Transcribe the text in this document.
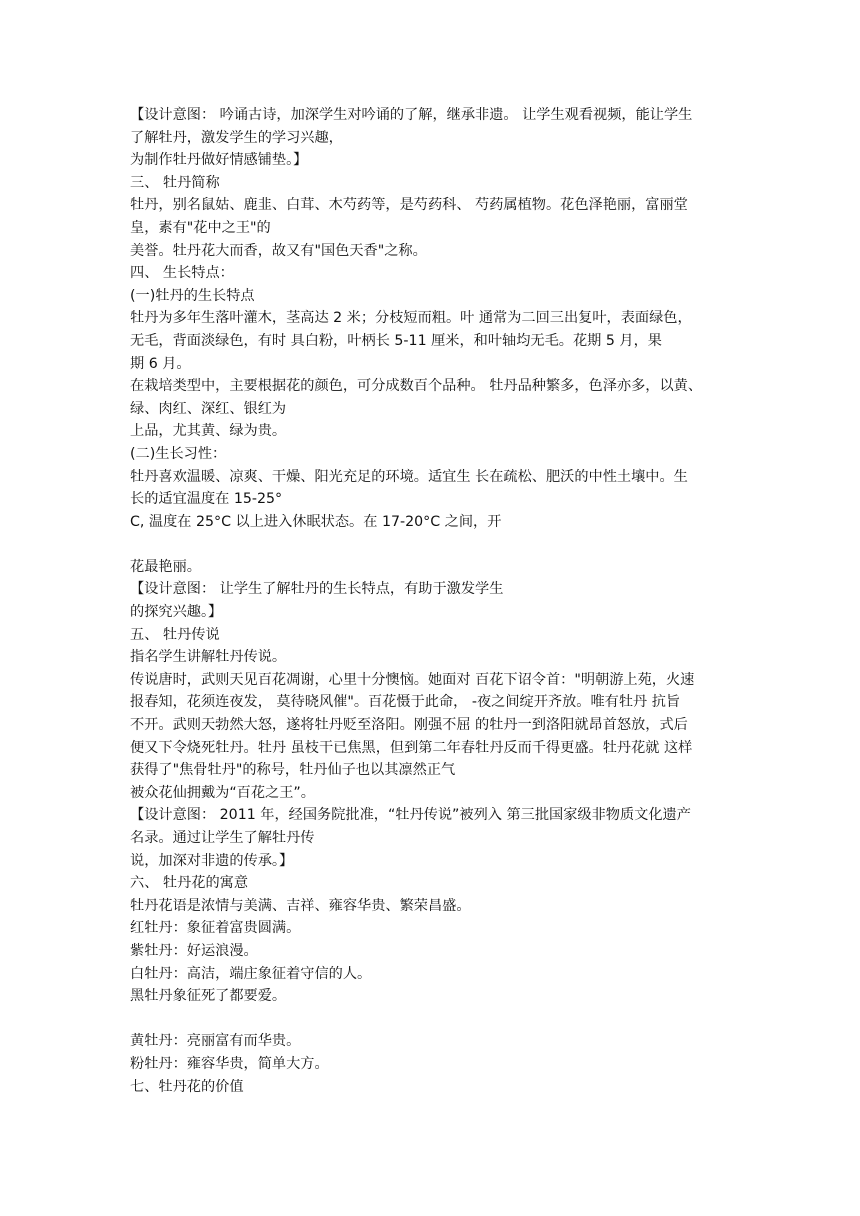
【设计意图： 吟诵古诗，加深学生对吟诵的了解，继承非遗。 让学生观看视频，能让学生
了解牡丹，激发学生的学习兴趣，
为制作牡丹做好情感铺垫。】
三、 牡丹简称
牡丹，别名鼠姑、鹿韭、白茸、木芍药等，是芍药科、 芍药属植物。花色泽艳丽，富丽堂
皇，素有"花中之王"的
美誉。牡丹花大而香，故又有"国色天香"之称。
四、 生长特点：
(一)牡丹的生长特点
牡丹为多年生落叶灌木，茎高达 2 米；分枝短而粗。叶 通常为二回三出复叶，表面绿色，
无毛，背面淡绿色，有时 具白粉，叶柄长 5-11 厘米，和叶轴均无毛。花期 5 月，果
期 6 月。
在栽培类型中，主要根据花的颜色，可分成数百个品种。 牡丹品种繁多，色泽亦多，以黄、
绿、肉红、深红、银红为
上品，尤其黄、绿为贵。
(二)生长习性：
牡丹喜欢温暖、凉爽、干燥、阳光充足的环境。适宜生 长在疏松、肥沃的中性土壤中。生
长的适宜温度在 15-25°
C, 温度在 25°C 以上进入休眠状态。在 17-20°C 之间，开
花最艳丽。
【设计意图： 让学生了解牡丹的生长特点，有助于激发学生
的探究兴趣。】
五、 牡丹传说
指名学生讲解牡丹传说。
传说唐时，武则天见百花凋谢，心里十分懊恼。她面对 百花下诏令首："明朝游上苑，火速
报春知，花须连夜发， 莫待晓风催"。百花慑于此命， -夜之间绽开齐放。唯有牡丹 抗旨
不开。武则天勃然大怒，遂将牡丹贬至洛阳。刚强不屈 的牡丹一到洛阳就昂首怒放，式后
便又下令烧死牡丹。牡丹 虽枝干已焦黑，但到第二年春牡丹反而千得更盛。牡丹花就 这样
获得了"焦骨牡丹"的称号，牡丹仙子也以其凛然正气
被众花仙拥戴为“百花之王”。
【设计意图： 2011 年，经国务院批准，“牡丹传说”被列入 第三批国家级非物质文化遗产
名录。通过让学生了解牡丹传
说，加深对非遗的传承。】
六、 牡丹花的寓意
牡丹花语是浓情与美满、吉祥、雍容华贵、繁荣昌盛。
红牡丹：象征着富贵圆满。
紫牡丹：好运浪漫。
白牡丹：高洁，端庄象征着守信的人。
黑牡丹象征死了都要爱。
黄牡丹：亮丽富有而华贵。
粉牡丹：雍容华贵，简单大方。
七、牡丹花的价值
